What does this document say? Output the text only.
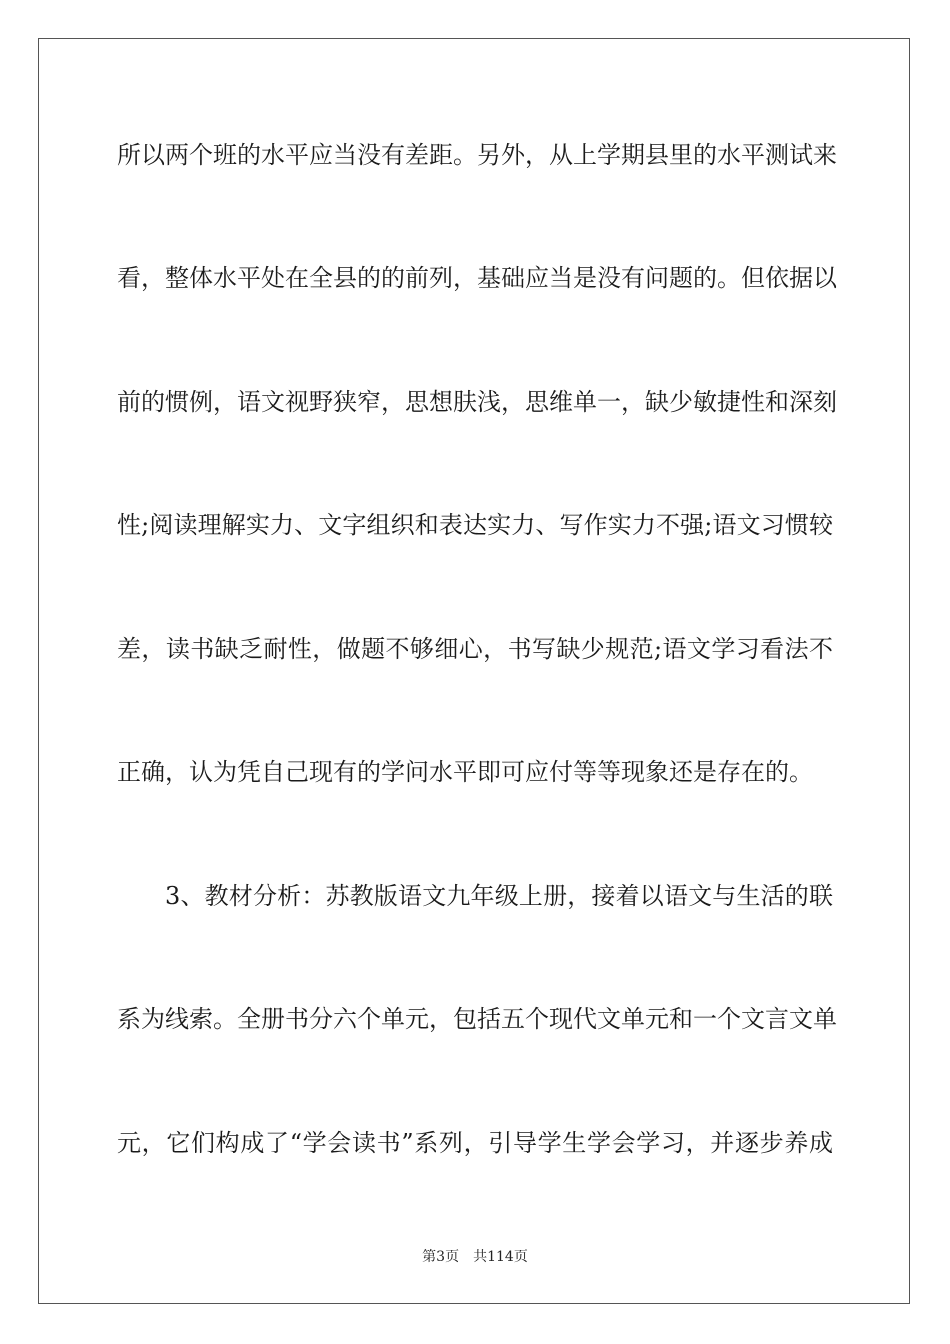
所以两个班的水平应当没有差距。另外，从上学期县里的水平测试来
看，整体水平处在全县的的前列，基础应当是没有问题的。但依据以
前的惯例，语文视野狭窄，思想肤浅，思维单一，缺少敏捷性和深刻
性;阅读理解实力、文字组织和表达实力、写作实力不强;语文习惯较
差，读书缺乏耐性，做题不够细心，书写缺少规范;语文学习看法不
正确，认为凭自己现有的学问水平即可应付等等现象还是存在的。
3、教材分析：苏教版语文九年级上册，接着以语文与生活的联
系为线索。全册书分六个单元，包括五个现代文单元和一个文言文单
元，它们构成了“学会读书”系列，引导学生学会学习，并逐步养成
第3页 共114页
